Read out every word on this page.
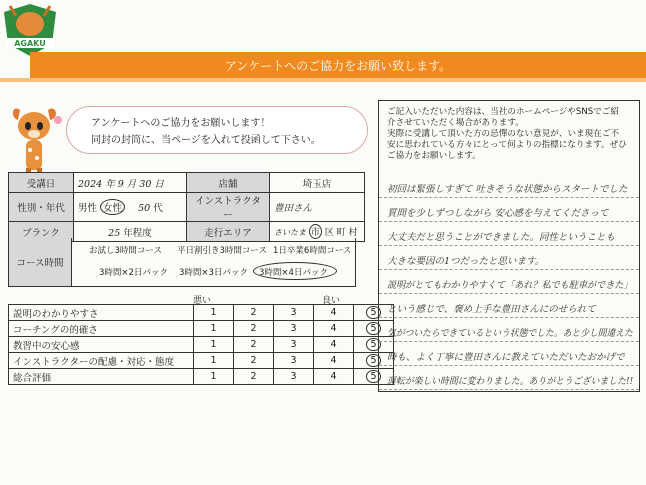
AGAKU
アンケートへのご協力をお願い致します。
アンケートへのご協力をお願いします！
同封の封筒に、当ページを入れて投函して下さい。
受講日	2024 年 9 月 30 日	店舗	埼玉店
性別・年代	男性 女性 50 代	インストラクター	豊田さん
ブランク	25 年程度	走行エリア	さいたま 市 区 町 村
コース時間
お試し3時間コース 平日割引き3時間コース 1日卒業6時間コース
3時間×2日パック 3時間×3日パック 3時間×4日パック
悪い	良い
説明のわかりやすさ	1	2	3	4	5
コーチングの的確さ	1	2	3	4	5
教習中の安心感	1	2	3	4	5
インストラクターの配慮・対応・態度	1	2	3	4	5
総合評価	1	2	3	4	5
ご記入いただいた内容は、当社のホームページやSNSでご紹
介させていただく場合があります。
実際に受講して頂いた方の忌憚のない意見が、いま現在ご不
安に思われている方々にとって何よりの指標になります。ぜひ
ご協力をお願いします。
初回は緊張しすぎて 吐きそうな状態からスタートでした
質問を少しずつしながら 安心感を与えてくださって
大丈夫だと思うことができました。同性ということも
大きな要因の1つだったと思います。
説明がとてもわかりやすくて「あれ？私でも駐車ができた」
という感じで、褒め上手な豊田さんにのせられて
気がついたらできているという状態でした。あと少し間違えた
時も、よく丁寧に豊田さんに教えていただいたおかげで
運転が楽しい時間に変わりました。ありがとうございました!!
